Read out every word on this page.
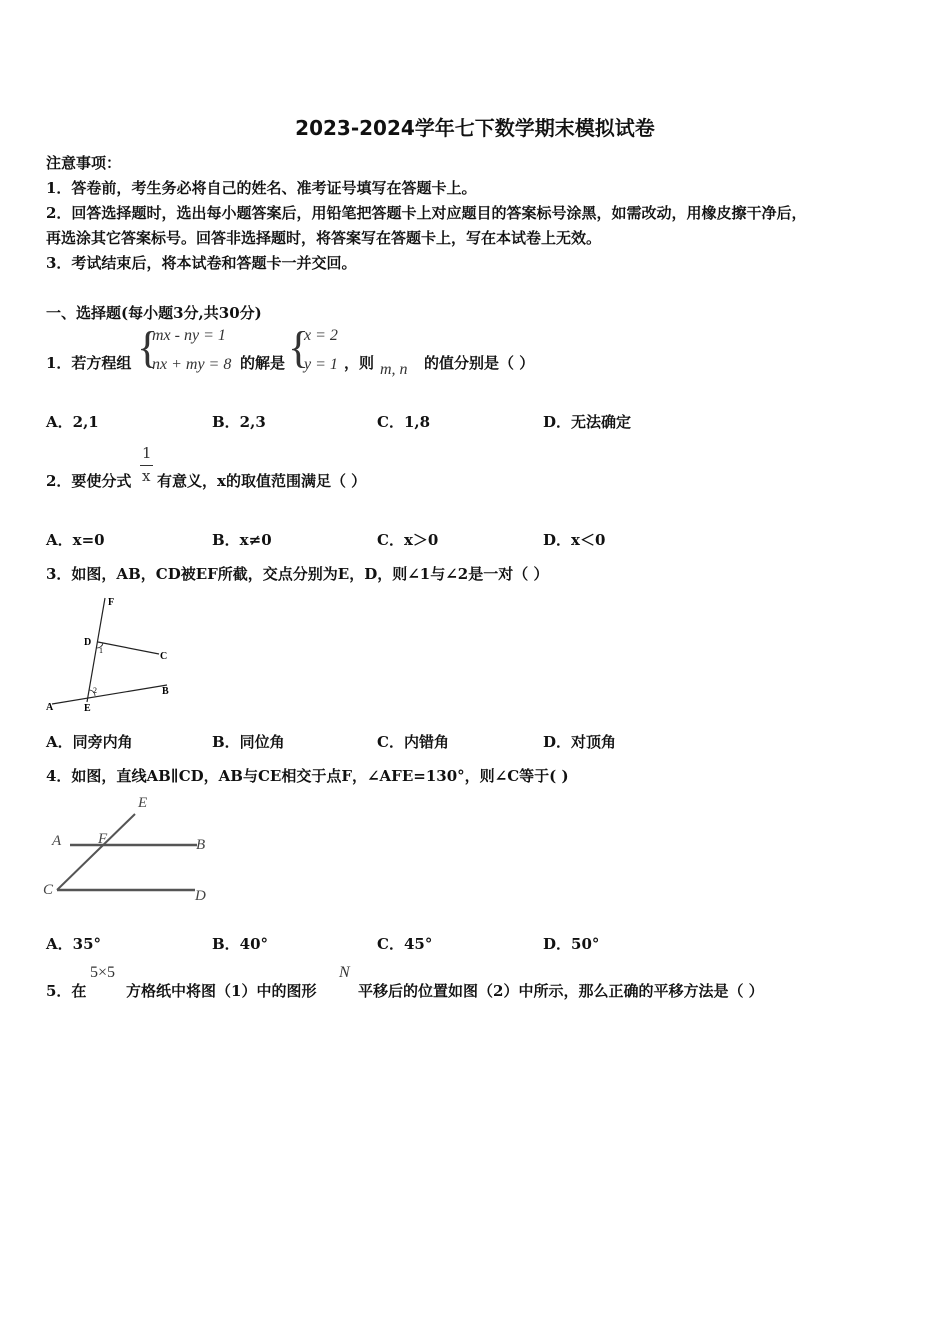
2023-2024学年七下数学期末模拟试卷
注意事项：
1．答卷前，考生务必将自己的姓名、准考证号填写在答题卡上。
2．回答选择题时，选出每小题答案后，用铅笔把答题卡上对应题目的答案标号涂黑，如需改动，用橡皮擦干净后，
再选涂其它答案标号。回答非选择题时，将答案写在答题卡上，写在本试卷上无效。
3．考试结束后，将本试卷和答题卡一并交回。
一、选择题(每小题3分,共30分)
1．若方程组 {
mx - ny = 1
nx + my = 8 的解是 {
x = 2
y = 1 ，则 m, n 的值分别是（ ）
A．2,1	B．2,3	C．1,8	D．无法确定
2．要使分式
1
x 有意义，x的取值范围满足（ ）
A．x=0	B．x≠0	C．x＞0	D．x＜0
3．如图，AB，CD被EF所截，交点分别为E，D，则∠1与∠2是一对（ ）
F
D
C
B
A	E
1
2
A．同旁内角	B．同位角	C．内错角	D．对顶角
4．如图，直线AB∥CD，AB与CE相交于点F，∠AFE=130°，则∠C等于( )
E
A F	B
C	D
A．35°	B．40°	C．45°	D．50°
5．在
5×5
方格纸中将图（1）中的图形
N
平移后的位置如图（2）中所示，那么正确的平移方法是（ ）
